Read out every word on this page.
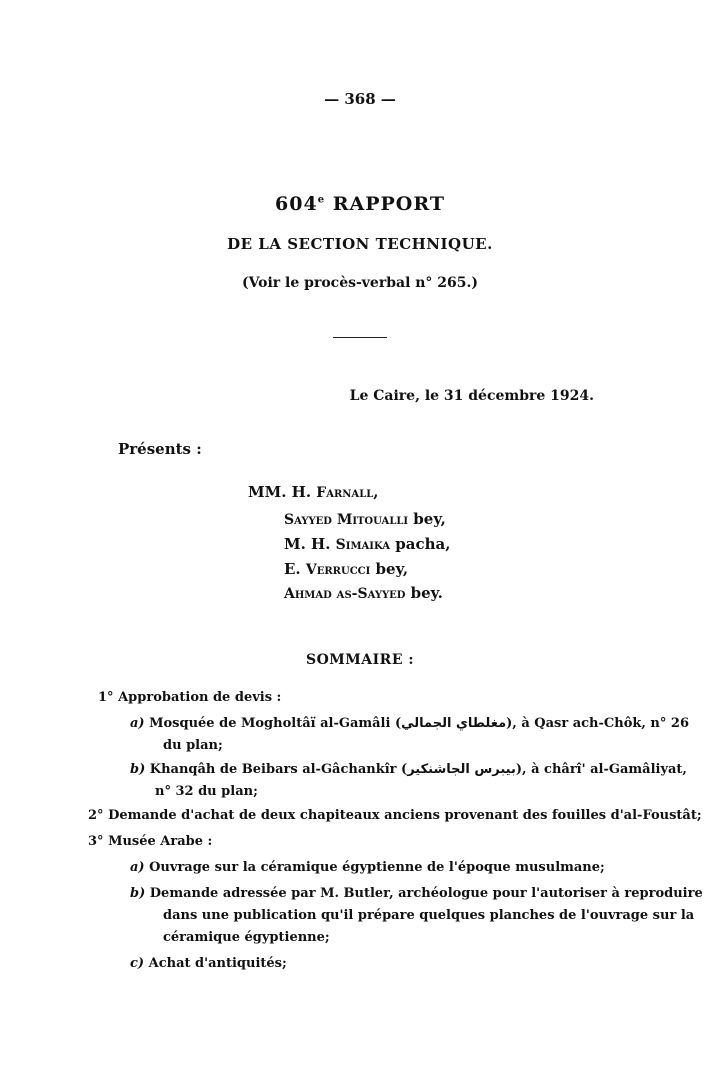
— 368 —
604e RAPPORT
DE LA SECTION TECHNIQUE.
(Voir le procès-verbal n° 265.)
Le Caire, le 31 décembre 1924.
Présents :
MM. H. Farnall,
Sayyed Mitouallі bey,
M. H. Simaika pacha,
E. Verrucci bey,
Ahmad as-Sayyed bey.
SOMMAIRE :
1° Approbation de devis :
a) Mosquée de Mogholtâï al-Gamâli (مغلطاي الجمالي), à Qasr ach-Chôk, n° 26
du plan;
b) Khanqâh de Beibars al-Gâchankîr (بيبرس الجاشنكير), à chârî' al-Gamâliyat,
n° 32 du plan;
2° Demande d'achat de deux chapiteaux anciens provenant des fouilles d'al-Foustât;
3° Musée Arabe :
a) Ouvrage sur la céramique égyptienne de l'époque musulmane;
b) Demande adressée par M. Butler, archéologue pour l'autoriser à reproduire
dans une publication qu'il prépare quelques planches de l'ouvrage sur la
céramique égyptienne;
c) Achat d'antiquités;
